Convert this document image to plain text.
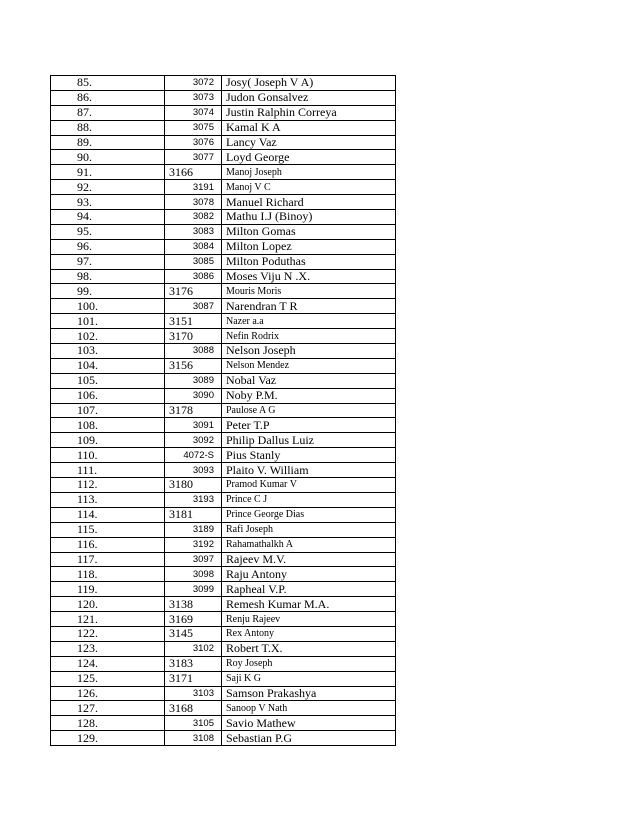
85.	3072	Josy( Joseph V A)
86.	3073	Judon Gonsalvez
87.	3074	Justin Ralphin Correya
88.	3075	Kamal K A
89.	3076	Lancy Vaz
90.	3077	Loyd George
91.	3166	Manoj Joseph
92.	3191	Manoj V C
93.	3078	Manuel Richard
94.	3082	Mathu I.J (Binoy)
95.	3083	Milton Gomas
96.	3084	Milton Lopez
97.	3085	Milton Poduthas
98.	3086	Moses Viju N .X.
99.	3176	Mouris Moris
100.	3087	Narendran T R
101.	3151	Nazer a.a
102.	3170	Nefin Rodrix
103.	3088	Nelson Joseph
104.	3156	Nelson Mendez
105.	3089	Nobal Vaz
106.	3090	Noby P.M.
107.	3178	Paulose A G
108.	3091	Peter T.P
109.	3092	Philip Dallus Luiz
110.	4072-S	Pius Stanly
111.	3093	Plaito V. William
112.	3180	Pramod Kumar V
113.	3193	Prince C J
114.	3181	Prince George Dias
115.	3189	Rafi Joseph
116.	3192	Rahamathalkh A
117.	3097	Rajeev M.V.
118.	3098	Raju Antony
119.	3099	Rapheal V.P.
120.	3138	Remesh Kumar M.A.
121.	3169	Renju Rajeev
122.	3145	Rex Antony
123.	3102	Robert T.X.
124.	3183	Roy Joseph
125.	3171	Saji K G
126.	3103	Samson Prakashya
127.	3168	Sanoop V Nath
128.	3105	Savio Mathew
129.	3108	Sebastian P.G
